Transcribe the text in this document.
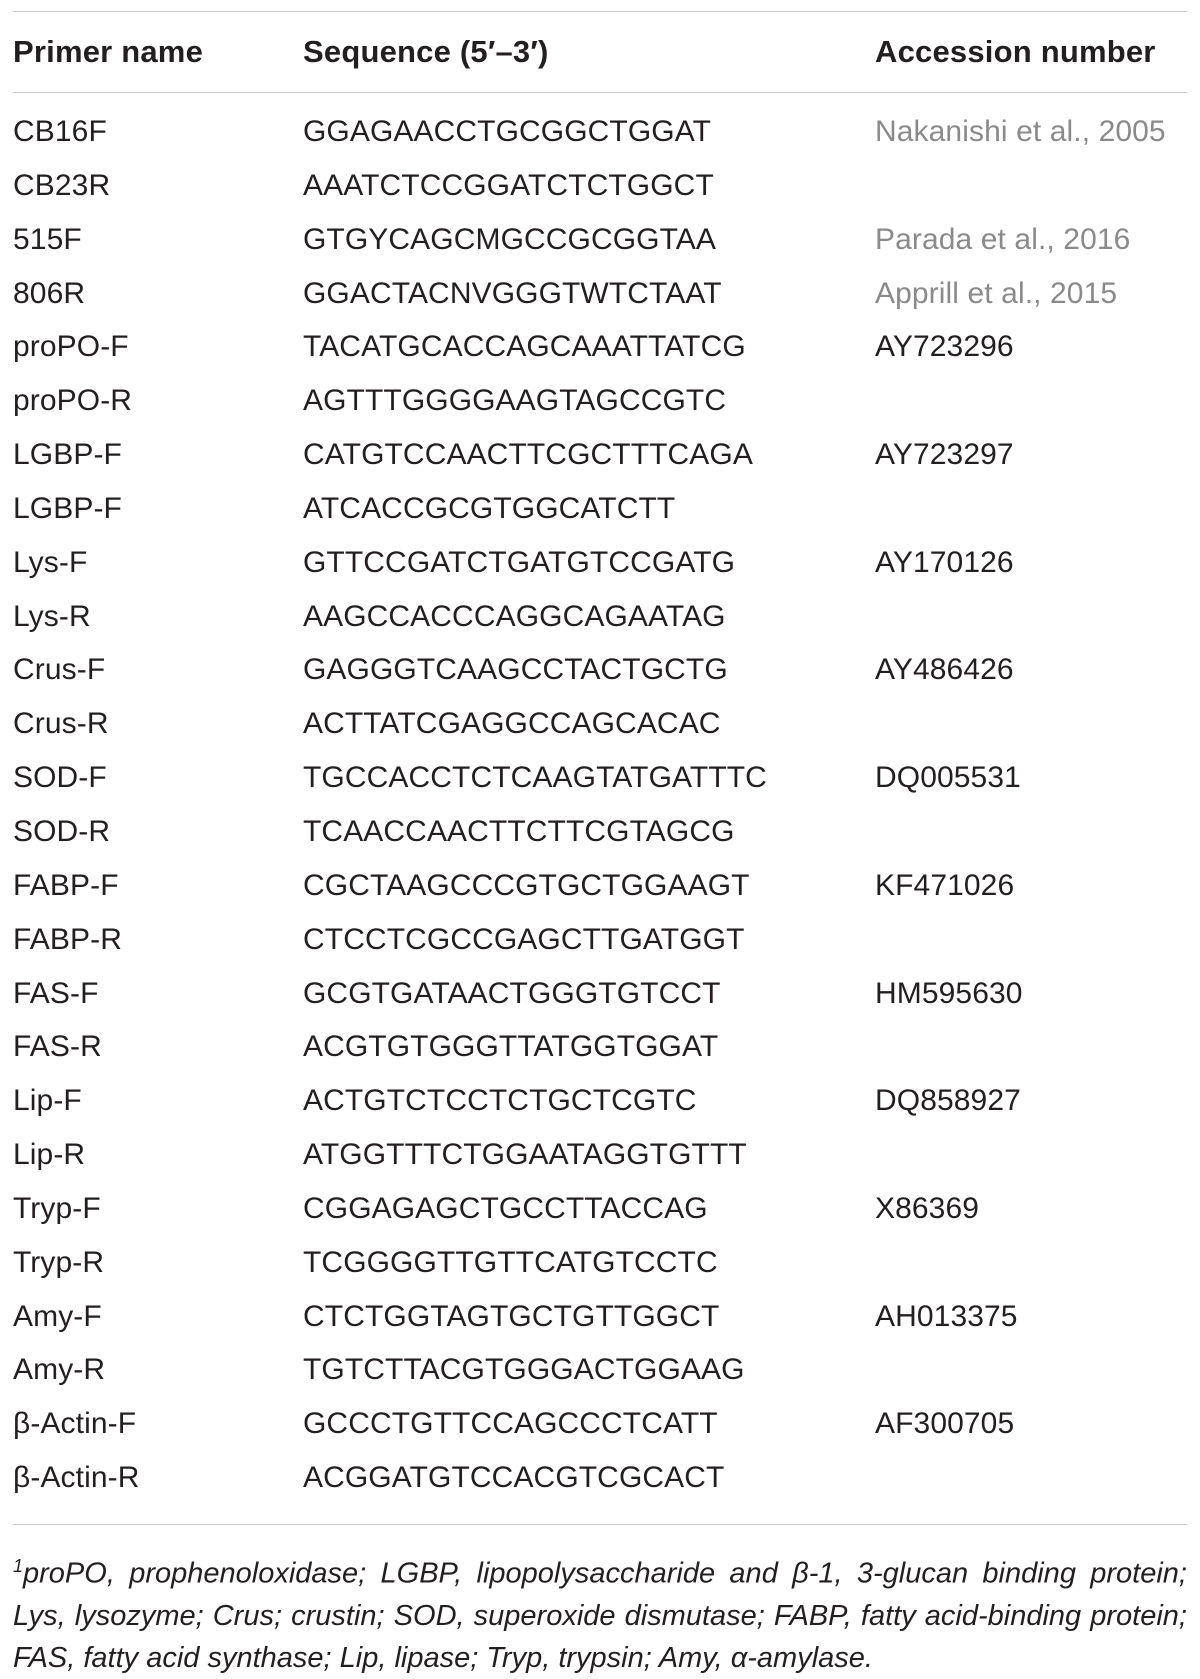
Primer name	Sequence (5′–3′)	Accession number
CB16F	GGAGAACCTGCGGCTGGAT	Nakanishi et al., 2005
CB23R	AAATCTCCGGATCTCTGGCT
515F	GTGYCAGCMGCCGCGGTAA	Parada et al., 2016
806R	GGACTACNVGGGTWTCTAAT	Apprill et al., 2015
proPO-F	TACATGCACCAGCAAATTATCG	AY723296
proPO-R	AGTTTGGGGAAGTAGCCGTC
LGBP-F	CATGTCCAACTTCGCTTTCAGA	AY723297
LGBP-F	ATCACCGCGTGGCATCTT
Lys-F	GTTCCGATCTGATGTCCGATG	AY170126
Lys-R	AAGCCACCCAGGCAGAATAG
Crus-F	GAGGGTCAAGCCTACTGCTG	AY486426
Crus-R	ACTTATCGAGGCCAGCACAC
SOD-F	TGCCACCTCTCAAGTATGATTTC	DQ005531
SOD-R	TCAACCAACTTCTTCGTAGCG
FABP-F	CGCTAAGCCCGTGCTGGAAGT	KF471026
FABP-R	CTCCTCGCCGAGCTTGATGGT
FAS-F	GCGTGATAACTGGGTGTCCT	HM595630
FAS-R	ACGTGTGGGTTATGGTGGAT
Lip-F	ACTGTCTCCTCTGCTCGTC	DQ858927
Lip-R	ATGGTTTCTGGAATAGGTGTTT
Tryp-F	CGGAGAGCTGCCTTACCAG	X86369
Tryp-R	TCGGGGTTGTTCATGTCCTC
Amy-F	CTCTGGTAGTGCTGTTGGCT	AH013375
Amy-R	TGTCTTACGTGGGACTGGAAG
β-Actin-F	GCCCTGTTCCAGCCCTCATT	AF300705
β-Actin-R	ACGGATGTCCACGTCGCACT
$^1$proPO, prophenoloxidase; LGBP, lipopolysaccharide and β-1, 3-glucan binding protein; Lys, lysozyme; Crus; crustin; SOD, superoxide dismutase; FABP, fatty acid-binding protein; FAS, fatty acid synthase; Lip, lipase; Tryp, trypsin; Amy, α-amylase.
